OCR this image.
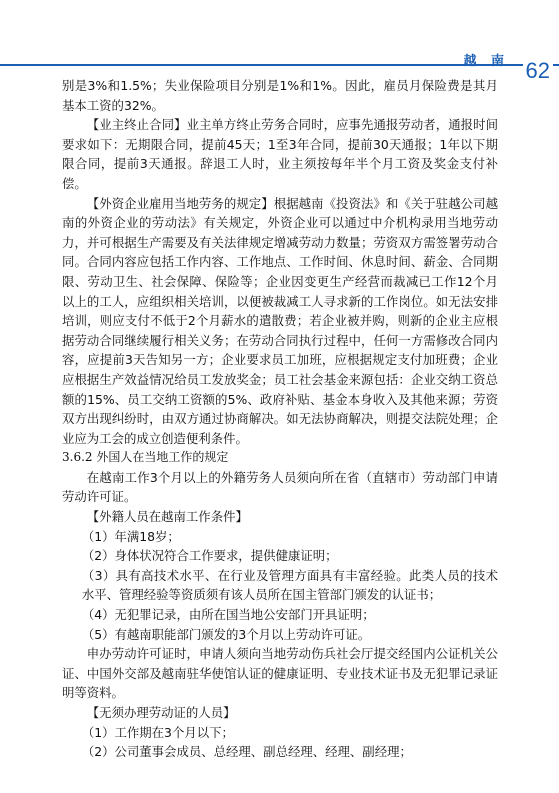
越 南 62

别是3%和1.5%；失业保险项目分别是1%和1%。因此，雇员月保险费是其月基本工资的32%。

【业主终止合同】业主单方终止劳务合同时，应事先通报劳动者，通报时间要求如下：无期限合同，提前45天；1至3年合同，提前30天通报；1年以下期限合同，提前3天通报。辞退工人时，业主须按每年半个月工资及奖金支付补偿。

【外资企业雇用当地劳务的规定】根据越南《投资法》和《关于驻越公司越南的外资企业的劳动法》有关规定，外资企业可以通过中介机构录用当地劳动力，并可根据生产需要及有关法律规定增减劳动力数量；劳资双方需签署劳动合同。合同内容应包括工作内容、工作地点、工作时间、休息时间、薪金、合同期限、劳动卫生、社会保障、保险等；企业因变更生产经营而裁减已工作12个月以上的工人，应组织相关培训，以便被裁减工人寻求新的工作岗位。如无法安排培训，则应支付不低于2个月薪水的遣散费；若企业被并购，则新的企业主应根据劳动合同继续履行相关义务；在劳动合同执行过程中，任何一方需修改合同内容，应提前3天告知另一方；企业要求员工加班，应根据规定支付加班费；企业应根据生产效益情况给员工发放奖金；员工社会基金来源包括：企业交纳工资总额的15%、员工交纳工资额的5%、政府补贴、基金本身收入及其他来源；劳资双方出现纠纷时，由双方通过协商解决。如无法协商解决，则提交法院处理；企业应为工会的成立创造便利条件。

3.6.2 外国人在当地工作的规定

在越南工作3个月以上的外籍劳务人员须向所在省（直辖市）劳动部门申请劳动许可证。

【外籍人员在越南工作条件】

（1）年满18岁；

（2）身体状况符合工作要求，提供健康证明；

（3）具有高技术水平、在行业及管理方面具有丰富经验。此类人员的技术水平、管理经验等资质须有该人员所在国主管部门颁发的认证书；

（4）无犯罪记录，由所在国当地公安部门开具证明；

（5）有越南职能部门颁发的3个月以上劳动许可证。

申办劳动许可证时，申请人须向当地劳动伤兵社会厅提交经国内公证机关公证、中国外交部及越南驻华使馆认证的健康证明、专业技术证书及无犯罪记录证明等资料。

【无须办理劳动证的人员】

（1）工作期在3个月以下；

（2）公司董事会成员、总经理、副总经理、经理、副经理；
